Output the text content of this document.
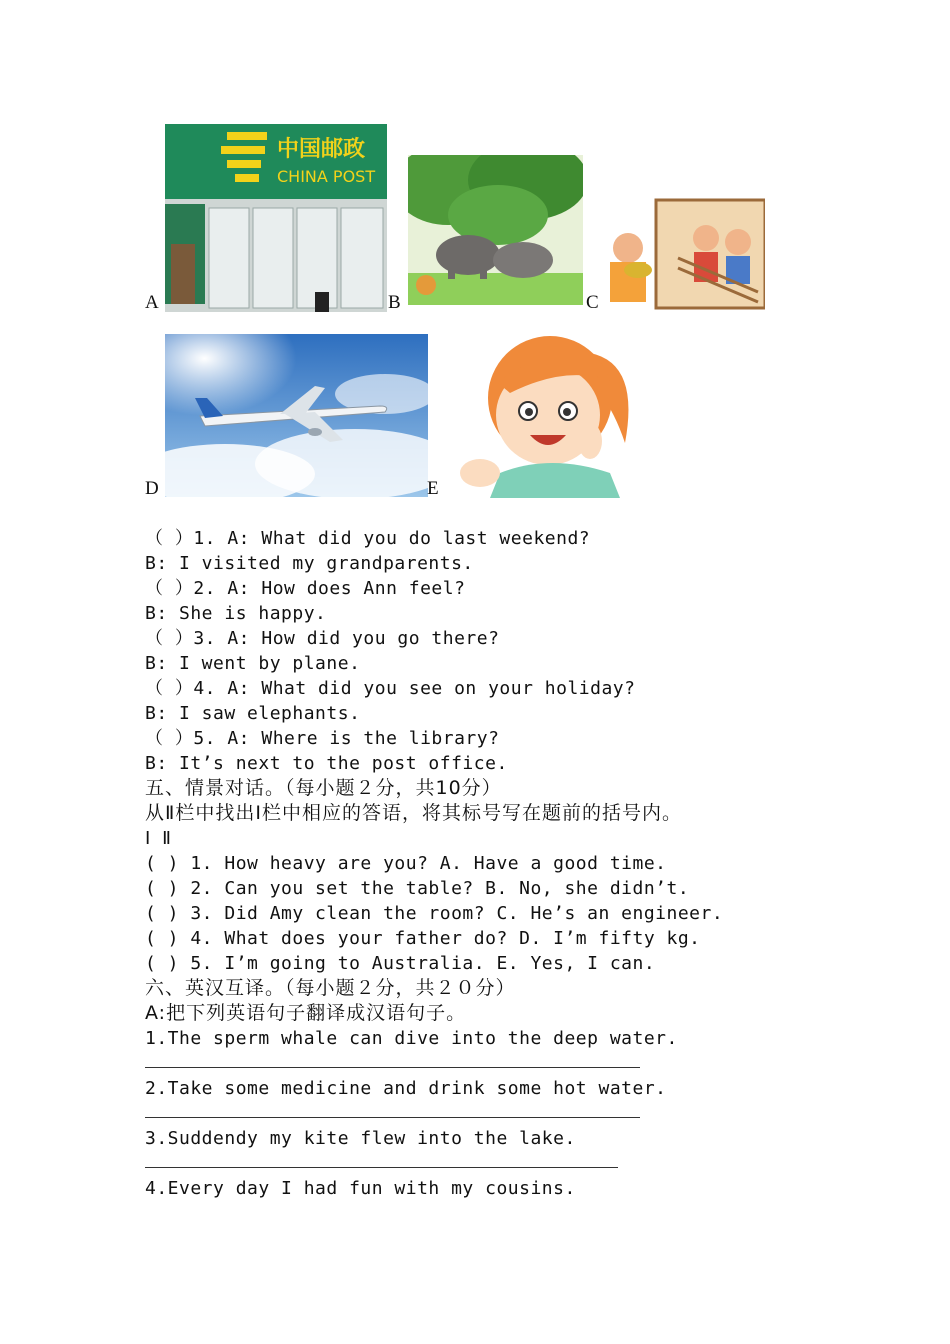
中国邮政
CHINA POST
A	B	C
D	E
（ ）1. A: What did you do last weekend?
B: I visited my grandparents.
（ ）2. A: How does Ann feel?
B: She is happy.
（ ）3. A: How did you go there?
B: I went by plane.
（ ）4. A: What did you see on your holiday?
B: I saw elephants.
（ ）5. A: Where is the library?
B: It’s next to the post office.
五、情景对话。（每小题２分，共10分）
从Ⅱ栏中找出Ⅰ栏中相应的答语，将其标号写在题前的括号内。
Ⅰ Ⅱ
( ) 1. How heavy are you? A. Have a good time.
( ) 2. Can you set the table? B. No, she didn’t.
( ) 3. Did Amy clean the room? C. He’s an engineer.
( ) 4. What does your father do? D. I’m fifty kg.
( ) 5. I’m going to Australia. E. Yes, I can.
六、英汉互译。（每小题２分，共２０分）
A:把下列英语句子翻译成汉语句子。
1.The sperm whale can dive into the deep water.
2.Take some medicine and drink some hot water.
3.Suddendy my kite flew into the lake.
4.Every day I had fun with my cousins.
